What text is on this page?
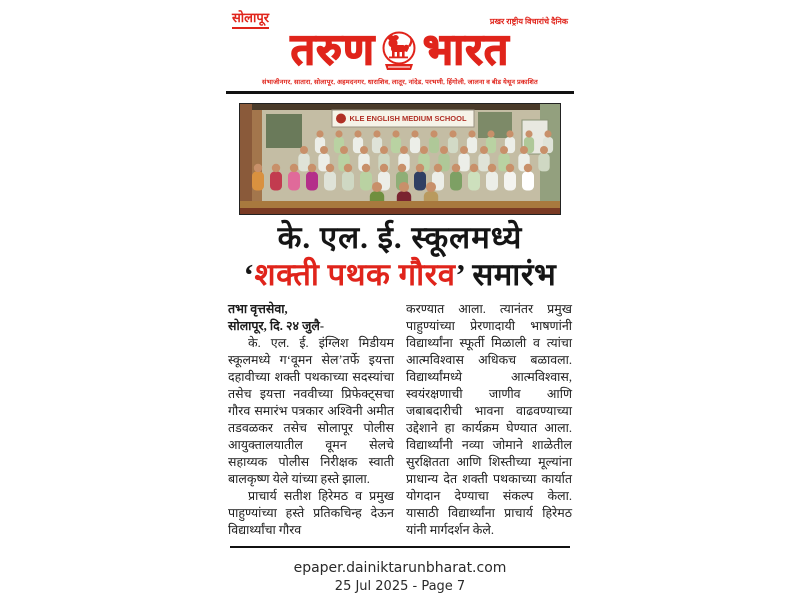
सोलापूर	प्रखर राष्ट्रीय विचारांचे दैनिक
तरुण भारत
संभाजीनगर, सातारा, सोलापूर, अहमदनगर, धाराशिव, लातूर, नांदेड, परभणी, हिंगोली, जालना व बीड येथून प्रकाशित
KLE ENGLISH MEDIUM SCHOOL
के. एल. ई. स्कूलमध्ये
‘शक्ती पथक गौरव’ समारंभ
तभा वृत्तसेवा,
सोलापूर, दि. २४ जुलै-

के. एल. ई. इंग्लिश मिडीयम स्कूलमध्ये ग‘वूमन सेल’तर्फे इयत्ता दहावीच्या शक्ती पथकाच्या सदस्यांचा तसेच इयत्ता नववीच्या प्रिफेक्ट्सचा गौरव समारंभ पत्रकार अश्विनी अमीत तडवळकर तसेच सोलापूर पोलीस आयुक्तालयातील वूमन सेलचे सहाय्यक पोलीस निरीक्षक स्वाती बालकृष्ण येले यांच्या हस्ते झाला.

प्राचार्य सतीश हिरेमठ व प्रमुख पाहुण्यांच्या हस्ते प्रतिकचिन्ह देऊन विद्यार्थ्यांचा गौरव

करण्यात आला. त्यानंतर प्रमुख पाहुण्यांच्या प्रेरणादायी भाषणांनी विद्यार्थ्यांना स्फूर्ती मिळाली व त्यांचा आत्मविश्वास अधिकच बळावला. विद्यार्थ्यांमध्ये आत्मविश्वास, स्वयंरक्षणाची जाणीव आणि जबाबदारीची भावना वाढवण्याच्या उद्देशाने हा कार्यक्रम घेण्यात आला. विद्यार्थ्यांनी नव्या जोमाने शाळेतील सुरक्षितता आणि शिस्तीच्या मूल्यांना प्राधान्य देत शक्ती पथकाच्या कार्यात योगदान देण्याचा संकल्प केला. यासाठी विद्यार्थ्यांना प्राचार्य हिरेमठ यांनी मार्गदर्शन केले.

epaper.dainiktarunbharat.com
25 Jul 2025 - Page 7
